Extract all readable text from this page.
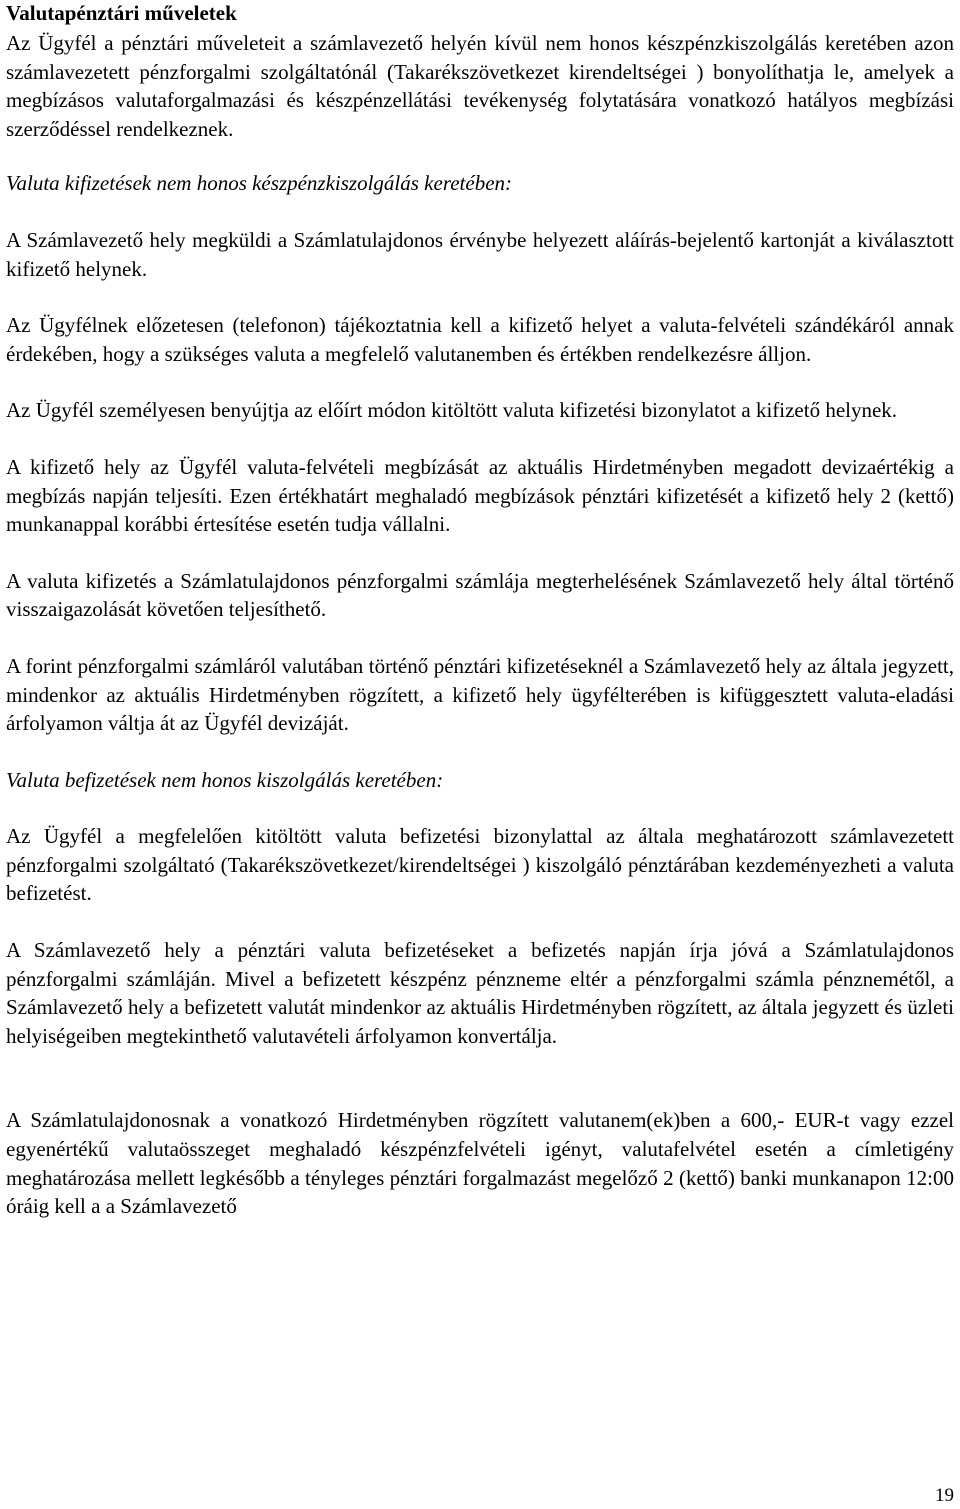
Valutapénztári műveletek

Az Ügyfél a pénztári műveleteit a számlavezető helyén kívül nem honos készpénzkiszolgálás keretében azon számlavezetett pénzforgalmi szolgáltatónál (Takarékszövetkezet kirendeltségei ) bonyolíthatja le, amelyek a megbízásos valutaforgalmazási és készpénzellátási tevékenység folytatására vonatkozó hatályos megbízási szerződéssel rendelkeznek.

Valuta kifizetések nem honos készpénzkiszolgálás keretében:

A Számlavezető hely megküldi a Számlatulajdonos érvénybe helyezett aláírás-bejelentő kartonját a kiválasztott kifizető helynek.

Az Ügyfélnek előzetesen (telefonon) tájékoztatnia kell a kifizető helyet a valuta-felvételi szándékáról annak érdekében, hogy a szükséges valuta a megfelelő valutanemben és értékben rendelkezésre álljon.

Az Ügyfél személyesen benyújtja az előírt módon kitöltött valuta kifizetési bizonylatot a kifizető helynek.

A kifizető hely az Ügyfél valuta-felvételi megbízását az aktuális Hirdetményben megadott devizaértékig a megbízás napján teljesíti. Ezen értékhatárt meghaladó megbízások pénztári kifizetését a kifizető hely 2 (kettő) munkanappal korábbi értesítése esetén tudja vállalni.

A valuta kifizetés a Számlatulajdonos pénzforgalmi számlája megterhelésének Számlavezető hely által történő visszaigazolását követően teljesíthető.

A forint pénzforgalmi számláról valutában történő pénztári kifizetéseknél a Számlavezető hely az általa jegyzett, mindenkor az aktuális Hirdetményben rögzített, a kifizető hely ügyfélterében is kifüggesztett valuta-eladási árfolyamon váltja át az Ügyfél devizáját.

Valuta befizetések nem honos kiszolgálás keretében:

Az Ügyfél a megfelelően kitöltött valuta befizetési bizonylattal az általa meghatározott számlavezetett pénzforgalmi szolgáltató (Takarékszövetkezet/kirendeltségei ) kiszolgáló pénztárában kezdeményezheti a valuta befizetést.

A Számlavezető hely a pénztári valuta befizetéseket a befizetés napján írja jóvá a Számlatulajdonos pénzforgalmi számláján. Mivel a befizetett készpénz pénzneme eltér a pénzforgalmi számla pénznemétől, a Számlavezető hely a befizetett valutát mindenkor az aktuális Hirdetményben rögzített, az általa jegyzett és üzleti helyiségeiben megtekinthető valutavételi árfolyamon konvertálja.

A Számlatulajdonosnak a vonatkozó Hirdetményben rögzített valutanem(ek)ben a 600,- EUR-t vagy ezzel egyenértékű valutaösszeget meghaladó készpénzfelvételi igényt, valutafelvétel esetén a címletigény meghatározása mellett legkésőbb a tényleges pénztári forgalmazást megelőző 2 (kettő) banki munkanapon 12:00 óráig kell a a Számlavezető

19
